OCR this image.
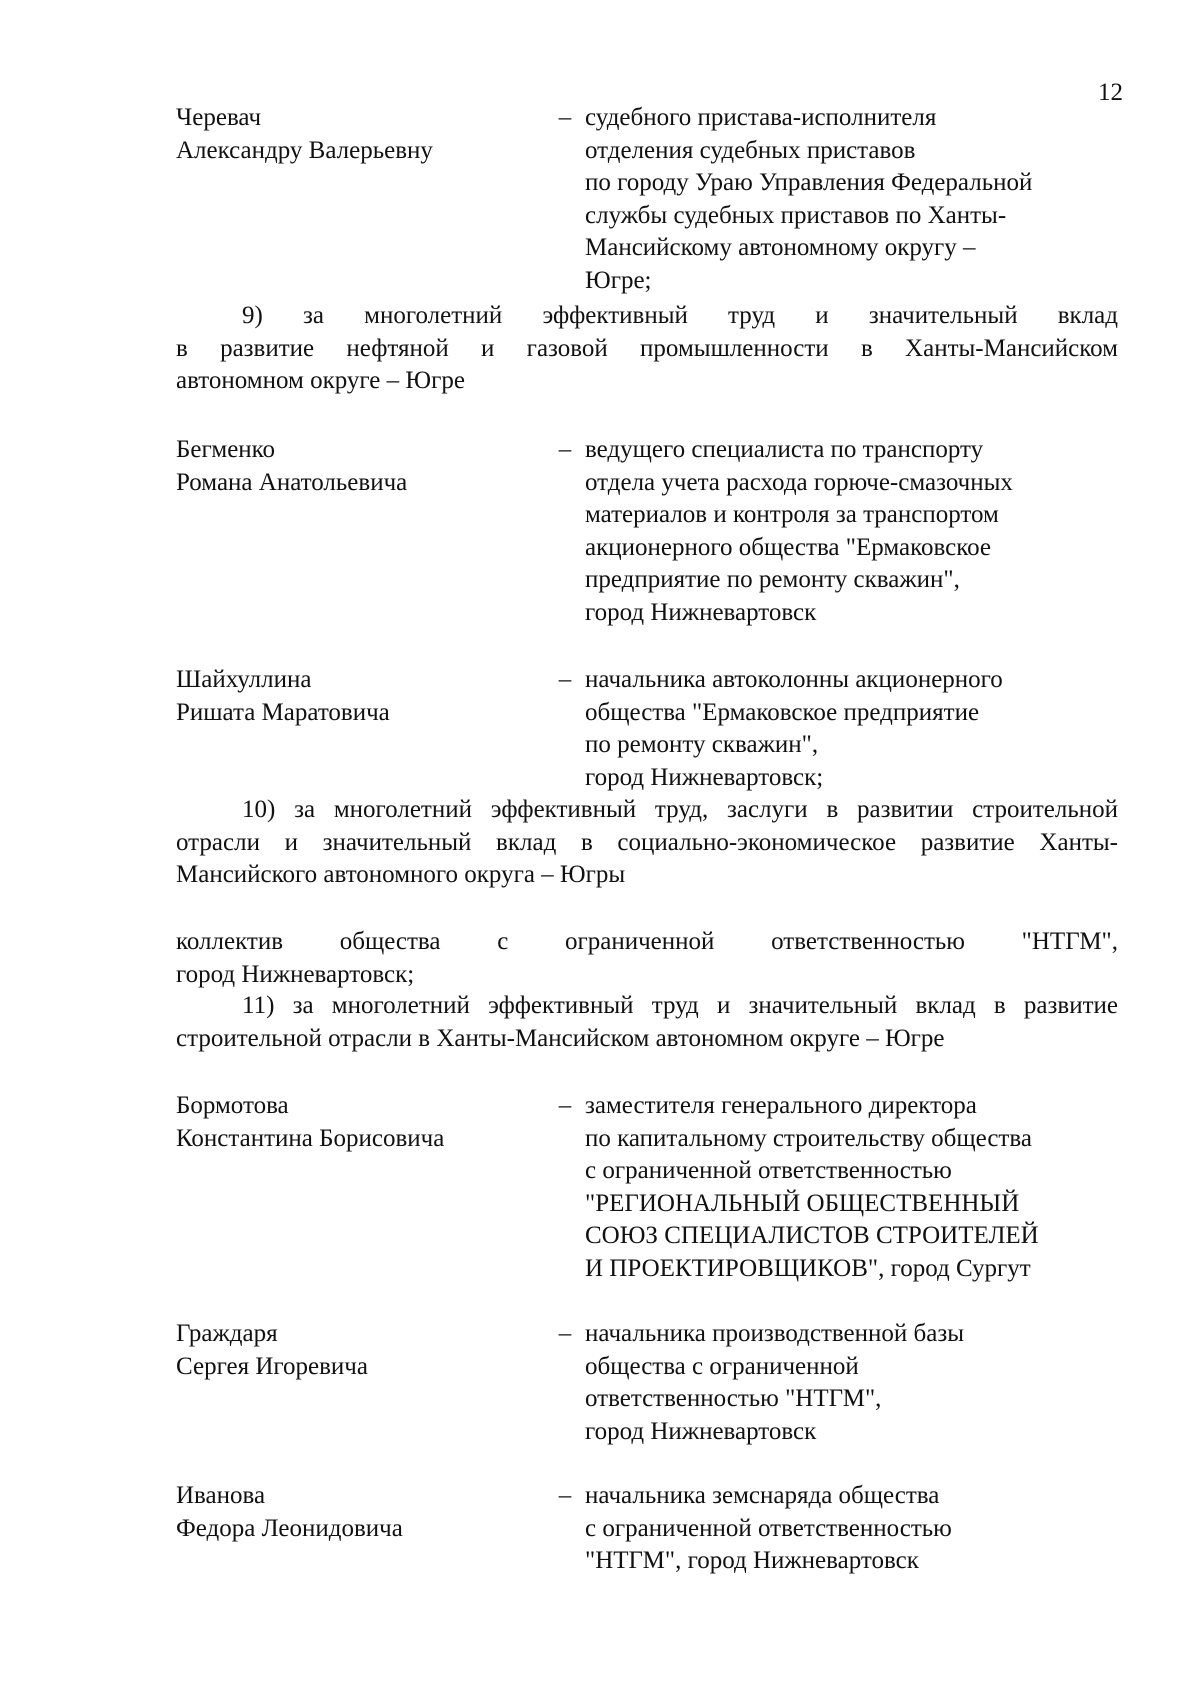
12
Черевач
Александру Валерьевну
– судебного пристава-исполнителя
отделения судебных приставов
по городу Ураю Управления Федеральной
службы судебных приставов по Ханты-
Мансийскому автономному округу –
Югре;
9) за многолетний эффективный труд и значительный вклад
в развитие нефтяной и газовой промышленности в Ханты-Мансийском
автономном округе – Югре
Бегменко
Романа Анатольевича
– ведущего специалиста по транспорту
отдела учета расхода горюче-смазочных
материалов и контроля за транспортом
акционерного общества "Ермаковское
предприятие по ремонту скважин",
город Нижневартовск
Шайхуллина
Ришата Маратовича
– начальника автоколонны акционерного
общества "Ермаковское предприятие
по ремонту скважин",
город Нижневартовск;
10) за многолетний эффективный труд, заслуги в развитии строительной
отрасли и значительный вклад в социально-экономическое развитие Ханты-
Мансийского автономного округа – Югры
коллектив общества с ограниченной ответственностью "НТГМ",
город Нижневартовск;
11) за многолетний эффективный труд и значительный вклад в развитие
строительной отрасли в Ханты-Мансийском автономном округе – Югре
Бормотова
Константина Борисовича
– заместителя генерального директора
по капитальному строительству общества
с ограниченной ответственностью
"РЕГИОНАЛЬНЫЙ ОБЩЕСТВЕННЫЙ
СОЮЗ СПЕЦИАЛИСТОВ СТРОИТЕЛЕЙ
И ПРОЕКТИРОВЩИКОВ", город Сургут
Граждаря
Сергея Игоревича
– начальника производственной базы
общества с ограниченной
ответственностью "НТГМ",
город Нижневартовск
Иванова
Федора Леонидовича
– начальника земснаряда общества
с ограниченной ответственностью
"НТГМ", город Нижневартовск
